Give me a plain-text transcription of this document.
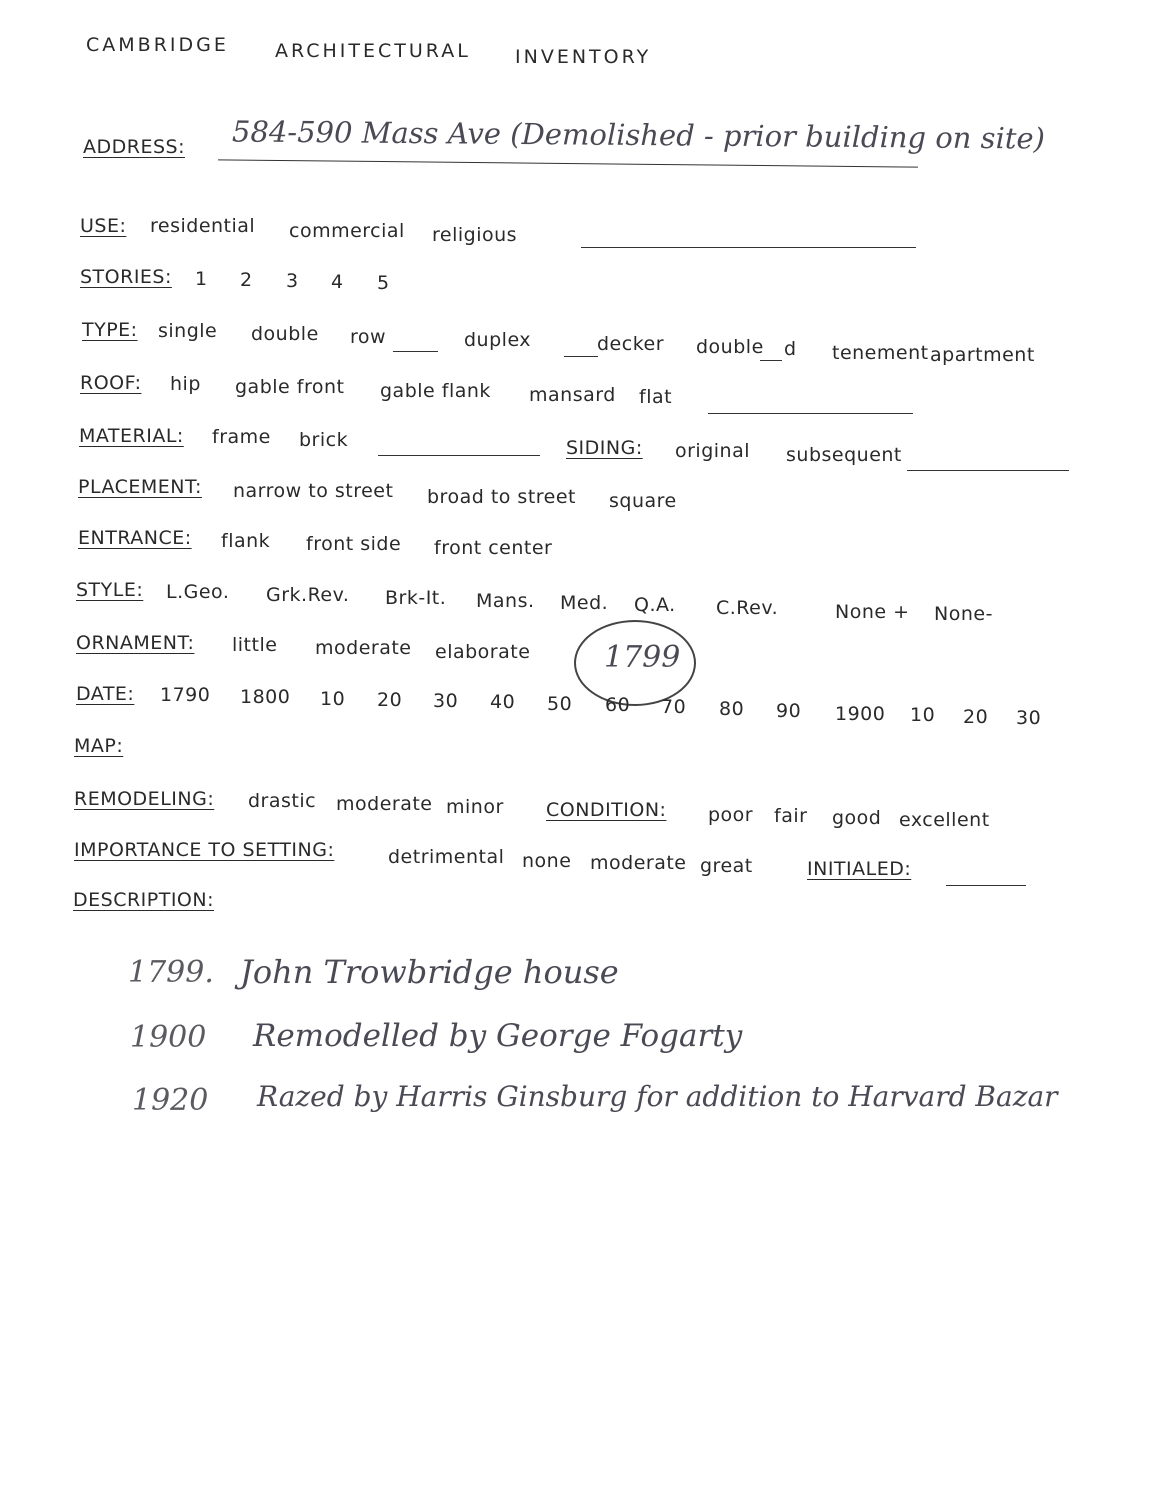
CAMBRIDGE ARCHITECTURAL INVENTORY
ADDRESS: 584-590 Mass Ave (Demolished - prior building on site)
USE: residential commercial religious
STORIES: 1 2 3 4 5
TYPE: single double row	duplex	decker double d tenement apartment
ROOF: hip gable front gable flank mansard flat
MATERIAL: frame brick	SIDING: original subsequent
PLACEMENT: narrow to street broad to street square
ENTRANCE: flank front side front center
STYLE: L.Geo. Grk.Rev. Brk-It. Mans. Med. Q.A. C.Rev.	None + None-
ORNAMENT: little moderate elaborate 1799
DATE: 1790 1800 10 20 30 40 50 60 70 80 90 1900 10 20 30
MAP:
REMODELING: drastic moderate minor CONDITION: poor fair good excellent
IMPORTANCE TO SETTING:	detrimental none moderate great	INITIALED:
DESCRIPTION:
1799. John Trowbridge house
1900 Remodelled by George Fogarty
1920 Razed by Harris Ginsburg for addition to Harvard Bazar
